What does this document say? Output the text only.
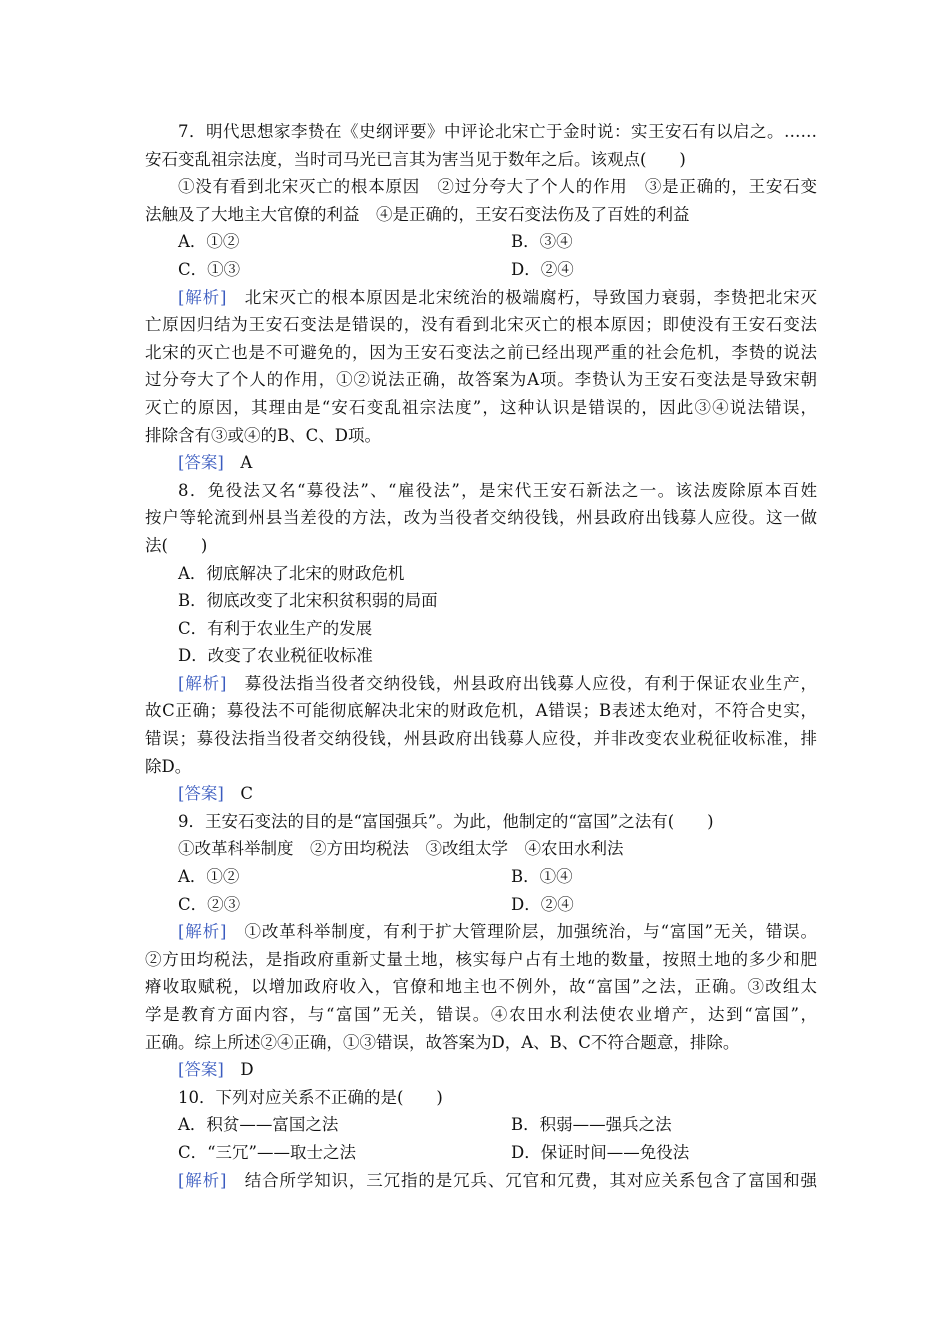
7．明代思想家李贽在《史纲评要》中评论北宋亡于金时说：实王安石有以启之。……
安石变乱祖宗法度，当时司马光已言其为害当见于数年之后。该观点(　　)
①没有看到北宋灭亡的根本原因　②过分夸大了个人的作用　③是正确的，王安石变
法触及了大地主大官僚的利益　④是正确的，王安石变法伤及了百姓的利益
A．①②	B．③④
C．①③	D．②④
[解析]　北宋灭亡的根本原因是北宋统治的极端腐朽，导致国力衰弱，李贽把北宋灭
亡原因归结为王安石变法是错误的，没有看到北宋灭亡的根本原因；即使没有王安石变法
北宋的灭亡也是不可避免的，因为王安石变法之前已经出现严重的社会危机，李贽的说法
过分夸大了个人的作用，①②说法正确，故答案为A项。李贽认为王安石变法是导致宋朝
灭亡的原因，其理由是“安石变乱祖宗法度”，这种认识是错误的，因此③④说法错误，
排除含有③或④的B、C、D项。
[答案]　A
8．免役法又名“募役法”、“雇役法”，是宋代王安石新法之一。该法废除原本百姓
按户等轮流到州县当差役的方法，改为当役者交纳役钱，州县政府出钱募人应役。这一做
法(　　)
A．彻底解决了北宋的财政危机
B．彻底改变了北宋积贫积弱的局面
C．有利于农业生产的发展
D．改变了农业税征收标准
[解析]　募役法指当役者交纳役钱，州县政府出钱募人应役，有利于保证农业生产，
故C正确；募役法不可能彻底解决北宋的财政危机，A错误；B表述太绝对，不符合史实，
错误；募役法指当役者交纳役钱，州县政府出钱募人应役，并非改变农业税征收标准，排
除D。
[答案]　C
9．王安石变法的目的是“富国强兵”。为此，他制定的“富国”之法有(　　)
①改革科举制度　②方田均税法　③改组太学　④农田水利法
A．①②	B．①④
C．②③	D．②④
[解析]　①改革科举制度，有利于扩大管理阶层，加强统治，与“富国”无关，错误。
②方田均税法，是指政府重新丈量土地，核实每户占有土地的数量，按照土地的多少和肥
瘠收取赋税，以增加政府收入，官僚和地主也不例外，故“富国”之法，正确。③改组太
学是教育方面内容，与“富国”无关，错误。④农田水利法使农业增产，达到“富国”，
正确。综上所述②④正确，①③错误，故答案为D，A、B、C不符合题意，排除。
[答案]　D
10．下列对应关系不正确的是(　　)
A．积贫——富国之法	B．积弱——强兵之法
C．“三冗”——取士之法	D．保证时间——免役法
[解析]　结合所学知识，三冗指的是冗兵、冗官和冗费，其对应关系包含了富国和强
